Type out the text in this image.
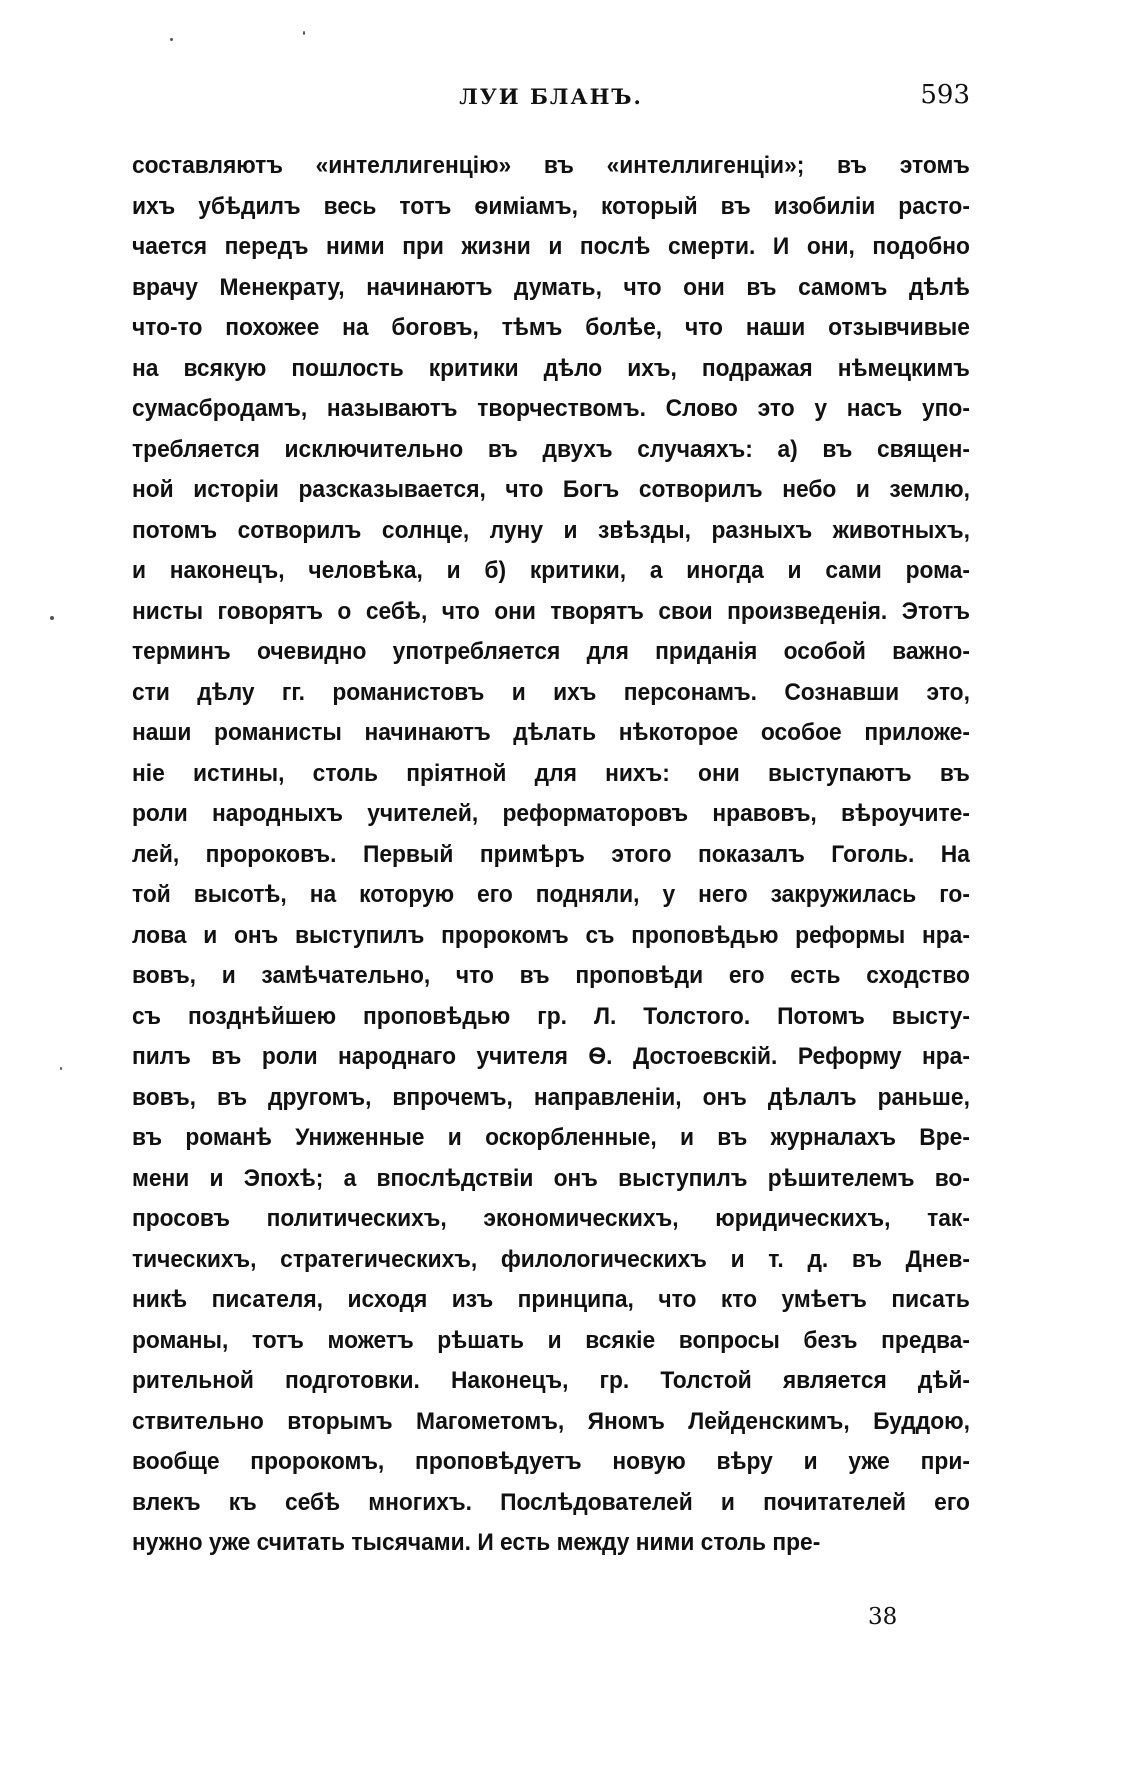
ЛУИ БЛАНЪ.	593
составляютъ «интеллигенцію» въ «интеллигенціи»; въ этомъ
ихъ убѣдилъ весь тотъ ѳиміамъ, который въ изобиліи расто-
чается передъ ними при жизни и послѣ смерти. И они, подобно
врачу Менекрату, начинаютъ думать, что они въ самомъ дѣлѣ
что-то похожее на боговъ, тѣмъ болѣе, что наши отзывчивые
на всякую пошлость критики дѣло ихъ, подражая нѣмецкимъ
сумасбродамъ, называютъ творчествомъ. Слово это у насъ упо-
требляется исключительно въ двухъ случаяхъ: а) въ священ-
ной исторіи разсказывается, что Богъ сотворилъ небо и землю,
потомъ сотворилъ солнце, луну и звѣзды, разныхъ животныхъ,
и наконецъ, человѣка, и б) критики, а иногда и сами рома-
нисты говорятъ о себѣ, что они творятъ свои произведенія. Этотъ
терминъ очевидно употребляется для приданія особой важно-
сти дѣлу гг. романистовъ и ихъ персонамъ. Сознавши это,
наши романисты начинаютъ дѣлать нѣкоторое особое приложе-
ніе истины, столь пріятной для нихъ: они выступаютъ въ
роли народныхъ учителей, реформаторовъ нравовъ, вѣроучите-
лей, пророковъ. Первый примѣръ этого показалъ Гоголь. На
той высотѣ, на которую его подняли, у него закружилась го-
лова и онъ выступилъ пророкомъ съ проповѣдью реформы нра-
вовъ, и замѣчательно, что въ проповѣди его есть сходство
съ позднѣйшею проповѣдью гр. Л. Толстого. Потомъ высту-
пилъ въ роли народнаго учителя Ѳ. Достоевскій. Реформу нра-
вовъ, въ другомъ, впрочемъ, направленіи, онъ дѣлалъ раньше,
въ романѣ Униженные и оскорбленные, и въ журналахъ Вре-
мени и Эпохѣ; а впослѣдствіи онъ выступилъ рѣшителемъ во-
просовъ политическихъ, экономическихъ, юридическихъ, так-
тическихъ, стратегическихъ, филологическихъ и т. д. въ Днев-
никѣ писателя, исходя изъ принципа, что кто умѣетъ писать
романы, тотъ можетъ рѣшать и всякіе вопросы безъ предва-
рительной подготовки. Наконецъ, гр. Толстой является дѣй-
ствительно вторымъ Магометомъ, Яномъ Лейденскимъ, Буддою,
вообще пророкомъ, проповѣдуетъ новую вѣру и уже при-
влекъ къ себѣ многихъ. Послѣдователей и почитателей его
нужно уже считать тысячами. И есть между ними столь пре-
38
